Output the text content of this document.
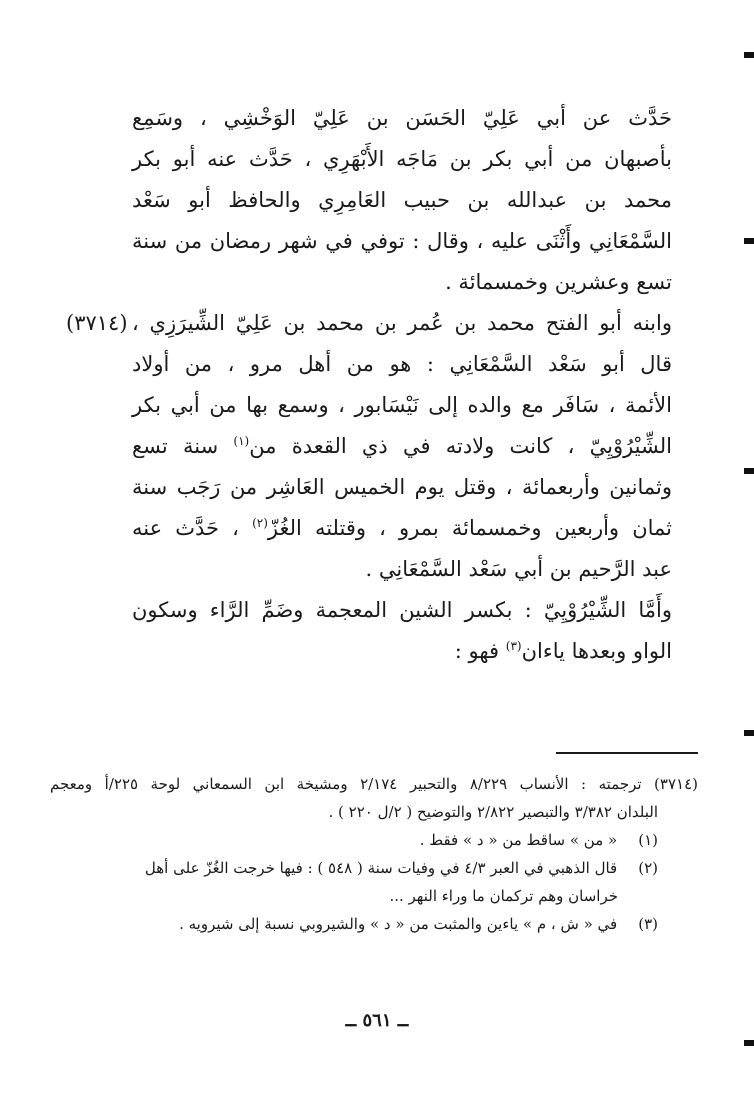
حَدَّث عن أبي عَلِيّ الحَسَن بن عَلِيّ الوَخْشِي ، وسَمِع
بأصبهان من أبي بكر بن مَاجَه الأَبْهَرِي ، حَدَّث عنه أبو بكر
محمد بن عبدالله بن حبيب العَامِرِي والحافظ أبو سَعْد
السَّمْعَانِي وأَثْنَى عليه ، وقال : توفي في شهر رمضان من سنة
تسع وعشرين وخمسمائة .
(٣٧١٤) وابنه أبو الفتح محمد بن عُمر بن محمد بن عَلِيّ الشِّيرَزِي ،
قال أبو سَعْد السَّمْعَانِي : هو من أهل مرو ، من أولاد
الأئمة ، سَافَر مع والده إلى نَيْسَابور ، وسمع بها من أبي بكر
الشِّيْرُوْيِيّ ، كانت ولادته في ذي القعدة من$^{(١)}$ سنة تسع
وثمانين وأربعمائة ، وقتل يوم الخميس العَاشِر من رَجَب سنة
ثمان وأربعين وخمسمائة بمرو ، وقتلته الغُزّ$^{(٢)}$ ، حَدَّث عنه
عبد الرَّحيم بن أبي سَعْد السَّمْعَانِي .
وأَمَّا الشِّيْرُوْيِيّ : بكسر الشين المعجمة وضَمِّ الرَّاء وسكون
الواو وبعدها ياءان$^{(٣)}$ فهو :
(٣٧١٤) ترجمته : الأنساب ٨/٢٢٩ والتحبير ٢/١٧٤ ومشيخة ابن السمعاني لوحة ٢٢٥/أ ومعجم
البلدان ٣/٣٨٢ والتبصير ٢/٨٢٢ والتوضيح ( ٢/ل ٢٢٠ ) .
(١) « من » ساقط من « د » فقط .
(٢) قال الذهبي في العبر ٤/٣ في وفيات سنة ( ٥٤٨ ) : فيها خرجت الغُزّ على أهل
خراسان وهم ترکمان ما وراء النهر ...
(٣) في « ش ، م » ياءين والمثبت من « د » والشيروبي نسبة إلى شيرويه .
ــ ٥٦١ ــ
